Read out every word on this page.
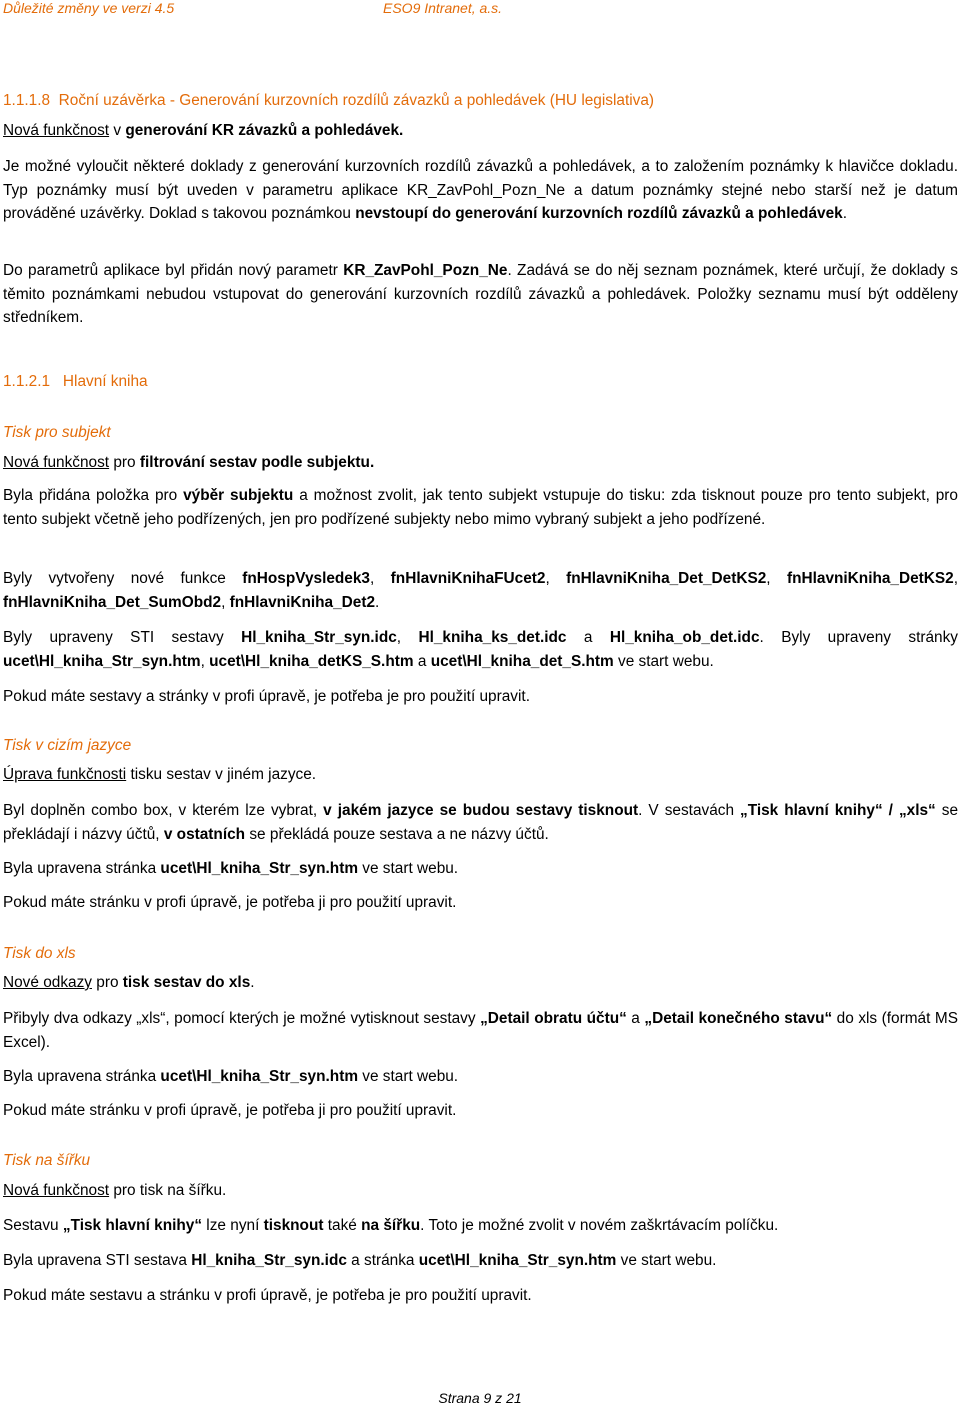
Důležité změny ve verzi 4.5	ESO9 Intranet, a.s.
1.1.1.8 Roční uzávěrka - Generování kurzovních rozdílů závazků a pohledávek (HU legislativa)
Nová funkčnost v generování KR závazků a pohledávek.
Je možné vyloučit některé doklady z generování kurzovních rozdílů závazků a pohledávek, a to založením poznámky k hlavičce dokladu. Typ poznámky musí být uveden v parametru aplikace KR_ZavPohl_Pozn_Ne a datum poznámky stejné nebo starší než je datum prováděné uzávěrky. Doklad s takovou poznámkou nevstoupí do generování kurzovních rozdílů závazků a pohledávek.
Do parametrů aplikace byl přidán nový parametr KR_ZavPohl_Pozn_Ne. Zadává se do něj seznam poznámek, které určují, že doklady s těmito poznámkami nebudou vstupovat do generování kurzovních rozdílů závazků a pohledávek. Položky seznamu musí být odděleny středníkem.
1.1.2.1 Hlavní kniha
Tisk pro subjekt
Nová funkčnost pro filtrování sestav podle subjektu.
Byla přidána položka pro výběr subjektu a možnost zvolit, jak tento subjekt vstupuje do tisku: zda tisknout pouze pro tento subjekt, pro tento subjekt včetně jeho podřízených, jen pro podřízené subjekty nebo mimo vybraný subjekt a jeho podřízené.
Byly vytvořeny nové funkce fnHospVysledek3, fnHlavniKnihaFUcet2, fnHlavniKniha_Det_DetKS2, fnHlavniKniha_DetKS2, fnHlavniKniha_Det_SumObd2, fnHlavniKniha_Det2.
Byly upraveny STI sestavy Hl_kniha_Str_syn.idc, Hl_kniha_ks_det.idc a Hl_kniha_ob_det.idc. Byly upraveny stránky ucet\Hl_kniha_Str_syn.htm, ucet\Hl_kniha_detKS_S.htm a ucet\Hl_kniha_det_S.htm ve start webu.
Pokud máte sestavy a stránky v profi úpravě, je potřeba je pro použití upravit.
Tisk v cizím jazyce
Úprava funkčnosti tisku sestav v jiném jazyce.
Byl doplněn combo box, v kterém lze vybrat, v jakém jazyce se budou sestavy tisknout. V sestavách „Tisk hlavní knihy“ / „xls“ se překládají i názvy účtů, v ostatních se překládá pouze sestava a ne názvy účtů.
Byla upravena stránka ucet\Hl_kniha_Str_syn.htm ve start webu.
Pokud máte stránku v profi úpravě, je potřeba ji pro použití upravit.
Tisk do xls
Nové odkazy pro tisk sestav do xls.
Přibyly dva odkazy „xls“, pomocí kterých je možné vytisknout sestavy „Detail obratu účtu“ a „Detail konečného stavu“ do xls (formát MS Excel).
Byla upravena stránka ucet\Hl_kniha_Str_syn.htm ve start webu.
Pokud máte stránku v profi úpravě, je potřeba ji pro použití upravit.
Tisk na šířku
Nová funkčnost pro tisk na šířku.
Sestavu „Tisk hlavní knihy“ lze nyní tisknout také na šířku. Toto je možné zvolit v novém zaškrtávacím políčku.
Byla upravena STI sestava Hl_kniha_Str_syn.idc a stránka ucet\Hl_kniha_Str_syn.htm ve start webu.
Pokud máte sestavu a stránku v profi úpravě, je potřeba je pro použití upravit.
Strana 9 z 21
